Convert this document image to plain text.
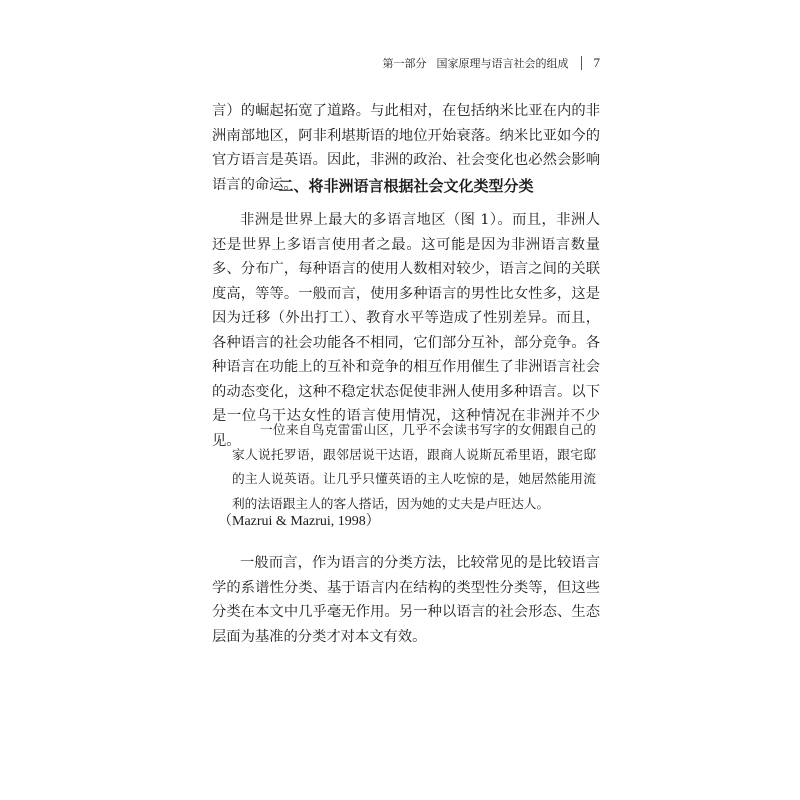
第一部分 国家原理与语言社会的组成 7

言）的崛起拓宽了道路。与此相对，在包括纳米比亚在内的非洲南部地区，阿非利堪斯语的地位开始衰落。纳米比亚如今的官方语言是英语。因此，非洲的政治、社会变化也必然会影响语言的命运。

二、将非洲语言根据社会文化类型分类

非洲是世界上最大的多语言地区（图 1）。而且，非洲人还是世界上多语言使用者之最。这可能是因为非洲语言数量多、分布广，每种语言的使用人数相对较少，语言之间的关联度高，等等。一般而言，使用多种语言的男性比女性多，这是因为迁移（外出打工）、教育水平等造成了性别差异。而且，各种语言的社会功能各不相同，它们部分互补，部分竞争。各种语言在功能上的互补和竞争的相互作用催生了非洲语言社会的动态变化，这种不稳定状态促使非洲人使用多种语言。以下是一位乌干达女性的语言使用情况，这种情况在非洲并不少见。

一位来自鸟克雷雷山区，几乎不会读书写字的女佣跟自己的家人说托罗语，跟邻居说干达语，跟商人说斯瓦希里语，跟宅邸的主人说英语。让几乎只懂英语的主人吃惊的是，她居然能用流利的法语跟主人的客人搭话，因为她的丈夫是卢旺达人。

（Mazrui & Mazrui, 1998）

一般而言，作为语言的分类方法，比较常见的是比较语言学的系谱性分类、基于语言内在结构的类型性分类等，但这些分类在本文中几乎毫无作用。另一种以语言的社会形态、生态层面为基准的分类才对本文有效。
